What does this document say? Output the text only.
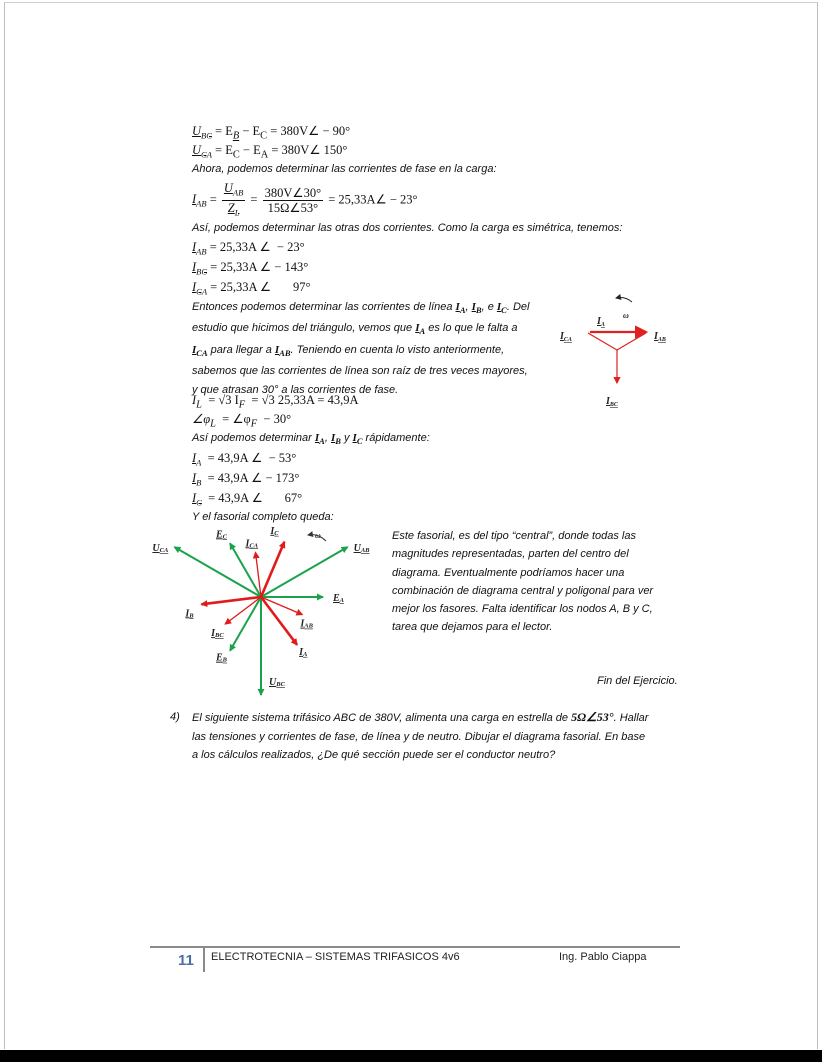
$U_{BC} = E_B - E_C$ = 380V∠ − 90°
$U_{CA} = E_C - E_A$ = 380V∠ 150°
Ahora, podemos determinar las corrientes de fase en la carga:
$I_{AB} = \frac{U_{AB}}{Z_L} = \frac{380V\angle 30^\circ}{15\Omega\angle 53^\circ}$ = 25,33A∠ − 23°
Así, podemos determinar las otras dos corrientes. Como la carga es simétrica, tenemos:
$I_{AB} = 25,33A$ ∠  − 23°
$I_{BC} = 25,33A$ ∠ − 143°
$I_{CA} = 25,33A$ ∠       97°
Entonces podemos determinar las corrientes de línea $I_A$, $I_B$, e $I_C$. Del
estudio que hicimos del triángulo, vemos que $I_A$ es lo que le falta a
$I_{CA}$ para llegar a $I_{AB}$. Teniendo en cuenta lo visto anteriormente,
sabemos que las corrientes de línea son raíz de tres veces mayores,
y que atrasan 30° a las corrientes de fase.
ω
$I_A$
$I_{CA}$	$I_{AB}$
$I_{BC}$
$I_L = √3$ $I_F = √3$ 25,33A = 43,9A
$\angle\varphi_L$  = $\angle\varphi_F - 30^\circ$
Así podemos determinar $I_A$, $I_B$ y $I_C$ rápidamente:
$I_A = 43,9A$ ∠  − 53°
$I_B = 43,9A$ ∠ − 173°
$I_C = 43,9A$ ∠       67°
Y el fasorial completo queda:
EA
EB
EC
UAB
UBC
UCA
IA
IB
IC
IAB
IBC
ICA
ω	Este fasorial, es del tipo “central”, donde todas las
magnitudes representadas, parten del centro del
diagrama. Eventualmente podríamos hacer una
combinación de diagrama central y poligonal para ver
mejor los fasores. Falta identificar los nodos A, B y C,
tarea que dejamos para el lector.
Fin del Ejercicio.
4) El siguiente sistema trifásico ABC de 380V, alimenta una carga en estrella de 5Ω∠53°. Hallar
las tensiones y corrientes de fase, de línea y de neutro. Dibujar el diagrama fasorial. En base
a los cálculos realizados, ¿De qué sección puede ser el conductor neutro?
11 ELECTROTECNIA – SISTEMAS TRIFASICOS 4v6	Ing. Pablo Ciappa
